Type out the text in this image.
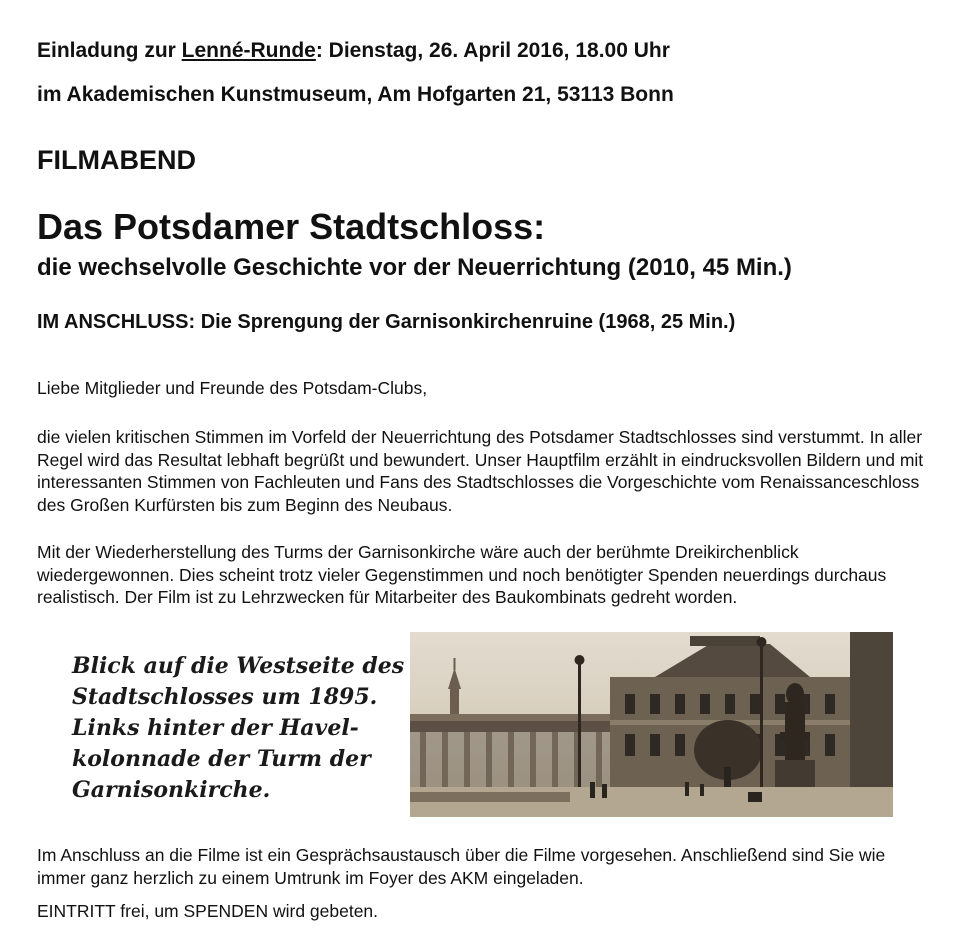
Einladung zur Lenné-Runde: Dienstag, 26. April 2016, 18.00 Uhr
im Akademischen Kunstmuseum, Am Hofgarten 21, 53113 Bonn
FILMABEND
Das Potsdamer Stadtschloss:
die wechselvolle Geschichte vor der Neuerrichtung (2010, 45 Min.)
IM ANSCHLUSS: Die Sprengung der Garnisonkirchenruine (1968, 25 Min.)
Liebe Mitglieder und Freunde des Potsdam-Clubs,
die vielen kritischen Stimmen im Vorfeld der Neuerrichtung des Potsdamer Stadtschlosses sind verstummt. In aller Regel wird das Resultat lebhaft begrüßt und bewundert. Unser Hauptfilm erzählt in eindrucksvollen Bildern und mit interessanten Stimmen von Fachleuten und Fans des Stadtschlosses die Vorgeschichte vom Renaissanceschloss des Großen Kurfürsten bis zum Beginn des Neubaus.
Mit der Wiederherstellung des Turms der Garnisonkirche wäre auch der berühmte Dreikirchenblick wiedergewonnen. Dies scheint trotz vieler Gegenstimmen und noch benötigter Spenden neuerdings durchaus realistisch. Der Film ist zu Lehrzwecken für Mitarbeiter des Baukombinats gedreht worden.
Blick auf die Westseite des
Stadtschlosses um 1895.
Links hinter der Havel-
kolonnade der Turm der
Garnisonkirche.
Im Anschluss an die Filme ist ein Gesprächsaustausch über die Filme vorgesehen. Anschließend sind Sie wie immer ganz herzlich zu einem Umtrunk im Foyer des AKM eingeladen.
EINTRITT frei, um SPENDEN wird gebeten.
